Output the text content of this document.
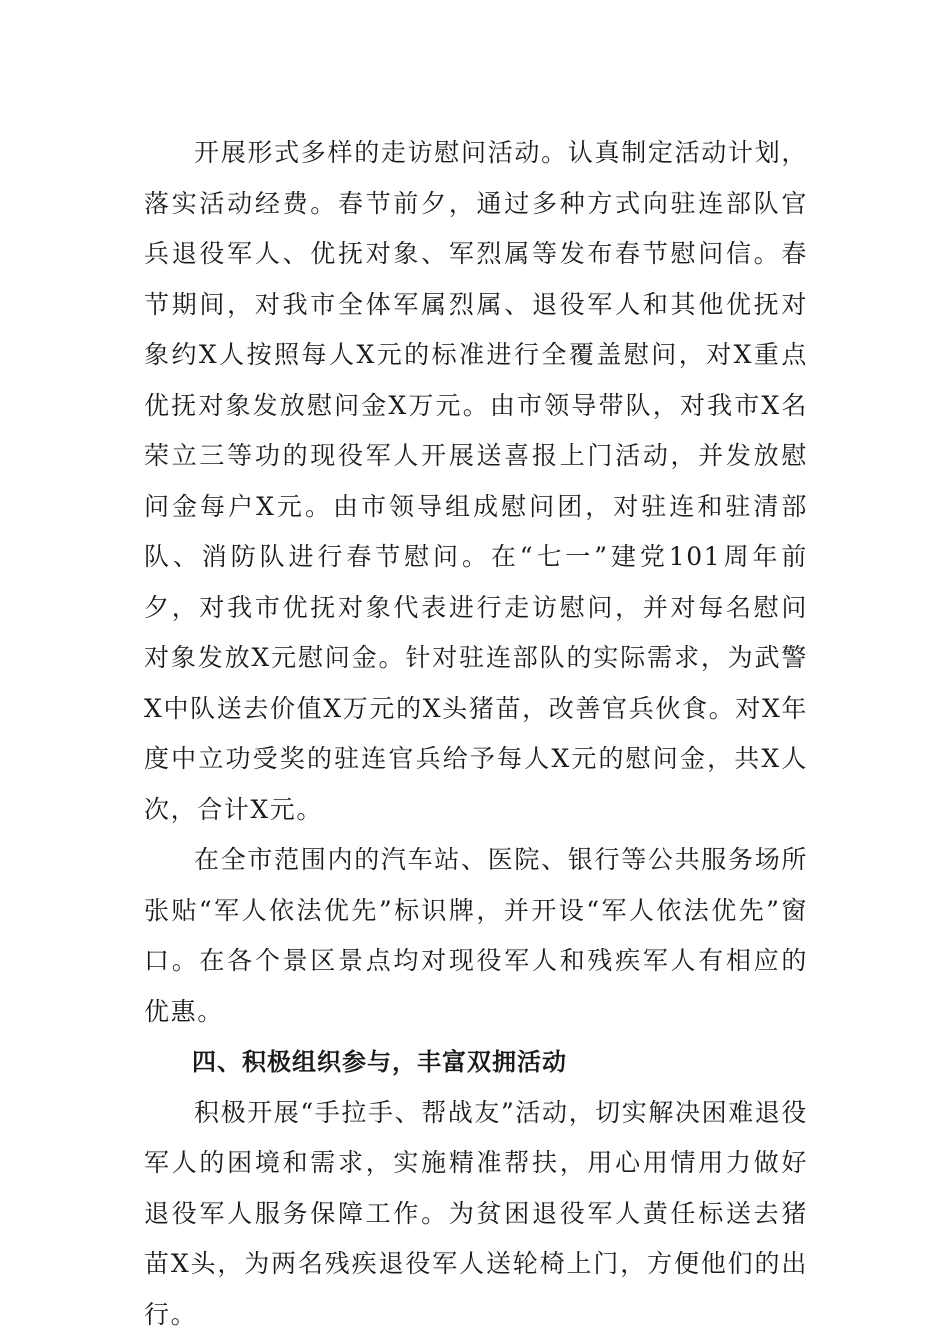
开展形式多样的走访慰问活动。认真制定活动计划，落实活动经费。春节前夕，通过多种方式向驻连部队官兵退役军人、优抚对象、军烈属等发布春节慰问信。春节期间，对我市全体军属烈属、退役军人和其他优抚对象约X人按照每人X元的标准进行全覆盖慰问，对X重点优抚对象发放慰问金X万元。由市领导带队，对我市X名荣立三等功的现役军人开展送喜报上门活动，并发放慰问金每户X元。由市领导组成慰问团，对驻连和驻清部队、消防队进行春节慰问。在“七一”建党101周年前夕，对我市优抚对象代表进行走访慰问，并对每名慰问对象发放X元慰问金。针对驻连部队的实际需求，为武警X中队送去价值X万元的X头猪苗，改善官兵伙食。对X年度中立功受奖的驻连官兵给予每人X元的慰问金，共X人次，合计X元。

在全市范围内的汽车站、医院、银行等公共服务场所张贴“军人依法优先”标识牌，并开设“军人依法优先”窗口。在各个景区景点均对现役军人和残疾军人有相应的优惠。

四、积极组织参与，丰富双拥活动

积极开展“手拉手、帮战友”活动，切实解决困难退役军人的困境和需求，实施精准帮扶，用心用情用力做好退役军人服务保障工作。为贫困退役军人黄任标送去猪苗X头，为两名残疾退役军人送轮椅上门，方便他们的出行。
